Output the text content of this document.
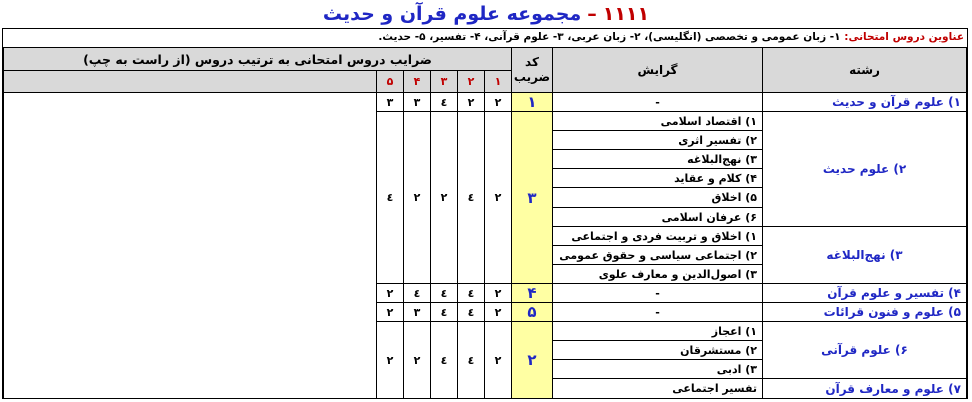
۱۱۱۱–مجموعه علوم قرآن و حدیث
عناوین دروس امتحانی: ۱- زبان عمومی و تخصصی (انگلیسی)، ۲- زبان عربی، ۳- علوم قرآنی، ۴- تفسیر، ۵- حدیث.
رشته
گرایش
کد ضریب
ضرایب دروس امتحانی به ترتیب دروس (از راست به چپ)
۱
۲
۳
۴
۵
۱) علوم قرآن و حدیث
-
۱
۲
۲
٤
۳
۳
۲) علوم حدیث
۱) اقتصاد اسلامی
۲) تفسیر اثری
۳) نهج‌البلاغه
۴) کلام و عقاید
۵) اخلاق
۶) عرفان اسلامی
۳) نهج‌البلاغه
۱) اخلاق و تربیت فردی و اجتماعی
۲) اجتماعی سیاسی و حقوق عمومی
۳) اصول‌الدین و معارف علوی
۳
۲
٤
۲
۲
٤
۴) تفسیر و علوم قرآن
-
۴
۲
٤
٤
٤
۲
۵) علوم و فنون قرائات
-
۵
۲
٤
٤
۳
۲
۶) علوم قرآنی
۱) اعجاز
۲) مستشرقان
۳) ادبی
۷) علوم و معارف قرآن
تفسیر اجتماعی
۲
۲
٤
٤
۲
۲
